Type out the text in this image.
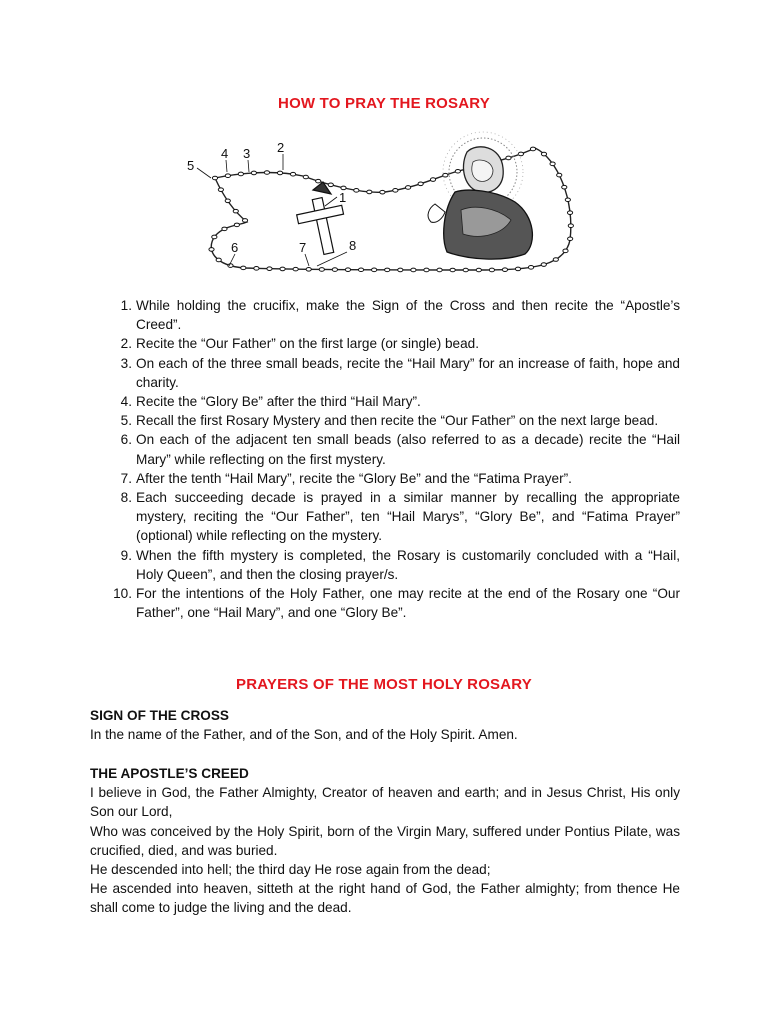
HOW TO PRAY THE ROSARY
5
4 3 2
1
6	7	8
1. While holding the crucifix, make the Sign of the Cross and then recite the “Apostle’s Creed”.
2. Recite the “Our Father” on the first large (or single) bead.
3. On each of the three small beads, recite the “Hail Mary” for an increase of faith, hope and charity.
4. Recite the “Glory Be” after the third “Hail Mary”.
5. Recall the first Rosary Mystery and then recite the “Our Father” on the next large bead.
6. On each of the adjacent ten small beads (also referred to as a decade) recite the “Hail Mary” while reflecting on the first mystery.
7. After the tenth “Hail Mary”, recite the “Glory Be” and the “Fatima Prayer”.
8. Each succeeding decade is prayed in a similar manner by recalling the appropriate mystery, reciting the “Our Father”, ten “Hail Marys”, “Glory Be”, and “Fatima Prayer” (optional) while reflecting on the mystery.
9. When the fifth mystery is completed, the Rosary is customarily concluded with a “Hail, Holy Queen”, and then the closing prayer/s.
10. For the intentions of the Holy Father, one may recite at the end of the Rosary one “Our Father”, one “Hail Mary”, and one “Glory Be”.
PRAYERS OF THE MOST HOLY ROSARY
SIGN OF THE CROSS

In the name of the Father, and of the Son, and of the Holy Spirit. Amen.

THE APOSTLE’S CREED

I believe in God, the Father Almighty, Creator of heaven and earth; and in Jesus Christ, His only Son our Lord,

Who was conceived by the Holy Spirit, born of the Virgin Mary, suffered under Pontius Pilate, was crucified, died, and was buried.

He descended into hell; the third day He rose again from the dead;

He ascended into heaven, sitteth at the right hand of God, the Father almighty; from thence He shall come to judge the living and the dead.
